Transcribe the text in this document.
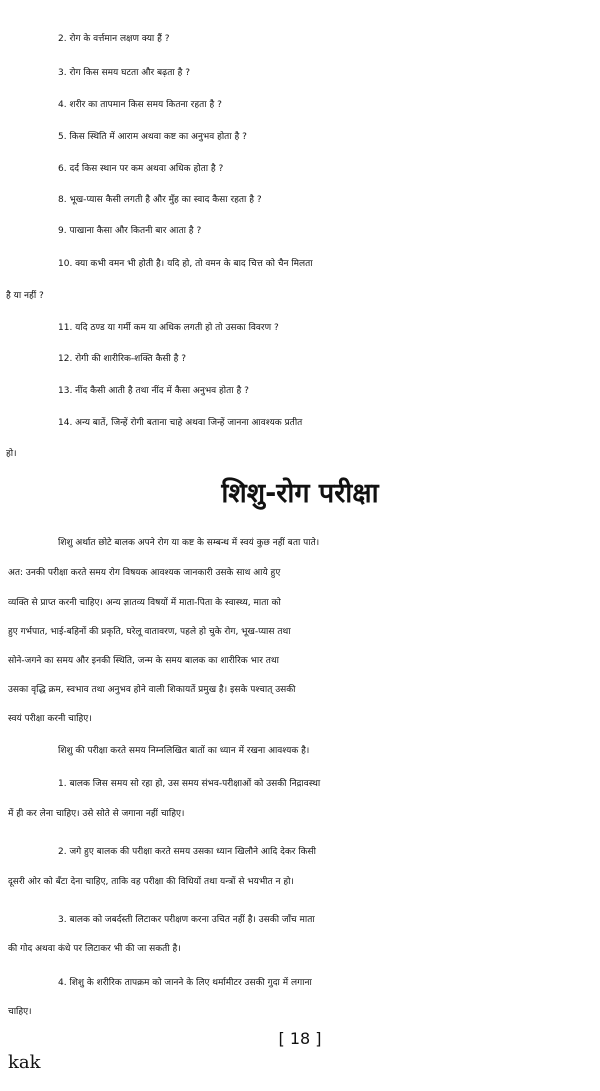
2. रोग के वर्त्तमान लक्षण क्या हैं ?
3. रोग किस समय घटता और बढ़ता है ?
4. शरीर का तापमान किस समय कितना रहता है ?
5. किस स्थिति में आराम अथवा कष्ट का अनुभव होता है ?
6. दर्द किस स्थान पर कम अथवा अधिक होता है ?
8. भूख-प्यास कैसी लगती है और मुँह का स्वाद कैसा रहता है ?
9. पाखाना कैसा और कितनी बार आता है ?
10. क्या कभी वमन भी होती है। यदि हो, तो वमन के बाद चित्त को चैन मिलता
है या नहीं ?
11. यदि ठण्ड या गर्मी कम या अधिक लगती हो तो उसका विवरण ?
12. रोगी की शारीरिक-शक्ति कैसी है ?
13. नींद कैसी आती है तथा नींद में कैसा अनुभव होता है ?
14. अन्य बातें, जिन्हें रोगी बताना चाहे अथवा जिन्हें जानना आवश्यक प्रतीत
हो।
शिशु-रोग परीक्षा
शिशु अर्थात छोटे बालक अपने रोग या कष्ट के सम्बन्ध में स्वयं कुछ नहीं बता पाते।
अत: उनकी परीक्षा करते समय रोग विषयक आवश्यक जानकारी उसके साथ आये हुए
व्यक्ति से प्राप्त करनी चाहिए। अन्य ज्ञातव्य विषयों में माता-पिता के स्वास्थ्य, माता को
हुए गर्भपात, भाई-बहिनों की प्रकृति, घरेलू वातावरण, पहले हो चुके रोग, भूख-प्यास तथा
सोने-जगने का समय और इनकी स्थिति, जन्म के समय बालक का शारीरिक भार तथा
उसका वृद्धि क्रम, स्वभाव तथा अनुभव होने वाली शिकायतें प्रमुख है। इसके पश्चात् उसकी
स्वयं परीक्षा करनी चाहिए।
शिशु की परीक्षा करते समय निम्नलिखित बातों का ध्यान में रखना आवश्यक है।
1. बालक जिस समय सो रहा हो, उस समय संभव-परीक्षाओं को उसकी निद्रावस्था
में ही कर लेना चाहिए। उसे सोते से जगाना नहीं चाहिए।
2. जगे हुए बालक की परीक्षा करते समय उसका ध्यान खिलौने आदि देकर किसी
दूसरी ओर को बँटा देना चाहिए, ताकि वह परीक्षा की विधियों तथा यन्त्रों से भयभीत न हो।
3. बालक को जबर्दस्ती लिटाकर परीक्षण करना उचित नहीं है। उसकी जाँच माता
की गोद अथवा कंधे पर लिटाकर भी की जा सकती है।
4. शिशु के शरीरिक तापक्रम को जानने के लिए थर्मामीटर उसकी गुदा में लगाना
चाहिए।
[ 18 ]
kak
